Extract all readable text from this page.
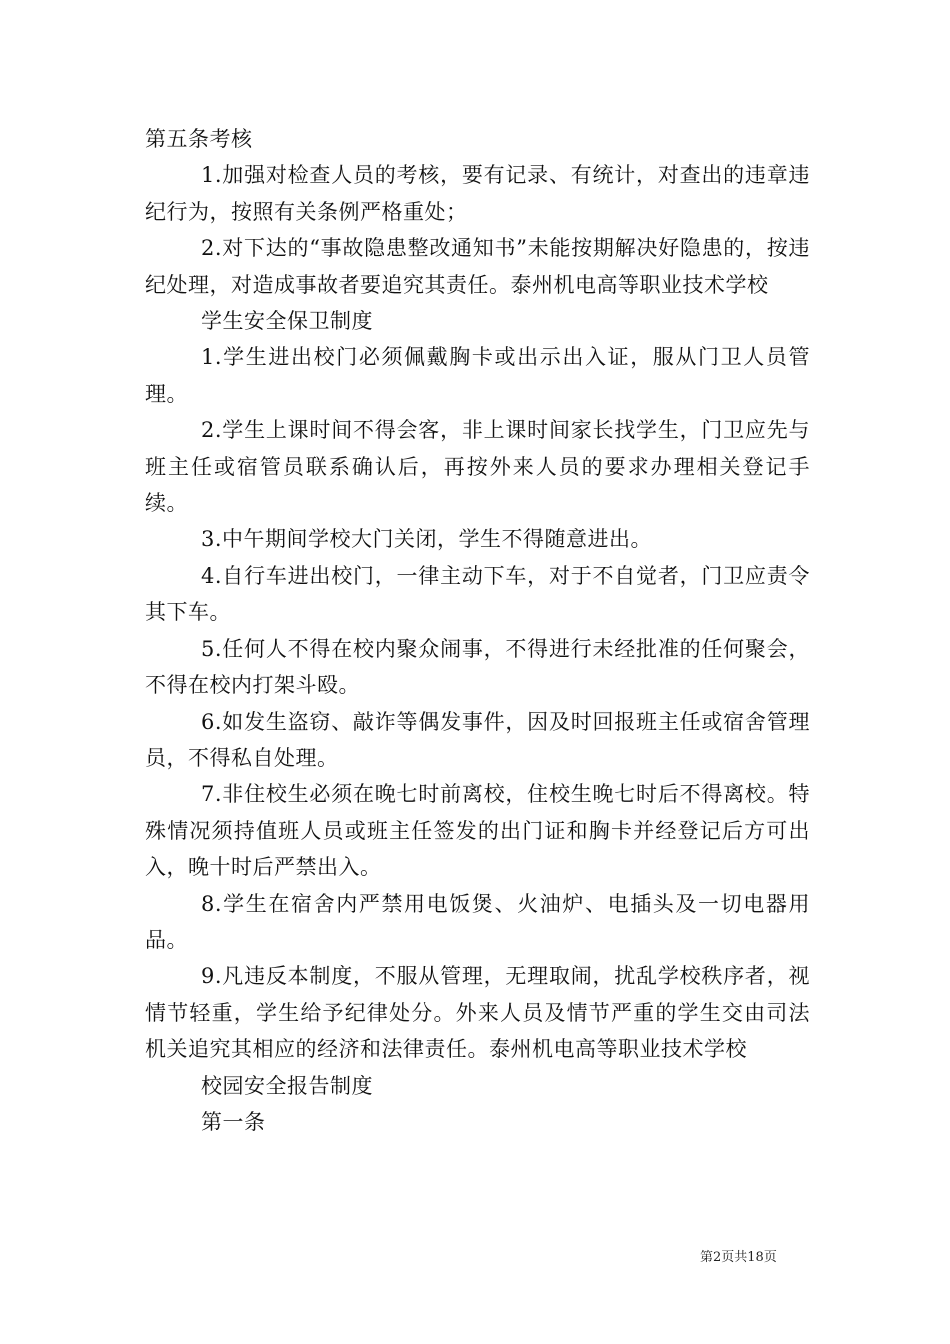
第五条考核

1.加强对检查人员的考核，要有记录、有统计，对查出的违章违纪行为，按照有关条例严格重处；

2.对下达的“事故隐患整改通知书”未能按期解决好隐患的，按违纪处理，对造成事故者要追究其责任。泰州机电高等职业技术学校

学生安全保卫制度

1.学生进出校门必须佩戴胸卡或出示出入证，服从门卫人员管理。

2.学生上课时间不得会客，非上课时间家长找学生，门卫应先与班主任或宿管员联系确认后，再按外来人员的要求办理相关登记手续。

3.中午期间学校大门关闭，学生不得随意进出。

4.自行车进出校门，一律主动下车，对于不自觉者，门卫应责令其下车。

5.任何人不得在校内聚众闹事，不得进行未经批准的任何聚会，不得在校内打架斗殴。

6.如发生盗窃、敲诈等偶发事件，因及时回报班主任或宿舍管理员，不得私自处理。

7.非住校生必须在晚七时前离校，住校生晚七时后不得离校。特殊情况须持值班人员或班主任签发的出门证和胸卡并经登记后方可出入，晚十时后严禁出入。

8.学生在宿舍内严禁用电饭煲、火油炉、电插头及一切电器用品。

9.凡违反本制度，不服从管理，无理取闹，扰乱学校秩序者，视情节轻重，学生给予纪律处分。外来人员及情节严重的学生交由司法机关追究其相应的经济和法律责任。泰州机电高等职业技术学校

校园安全报告制度

第一条

第2页共18页
